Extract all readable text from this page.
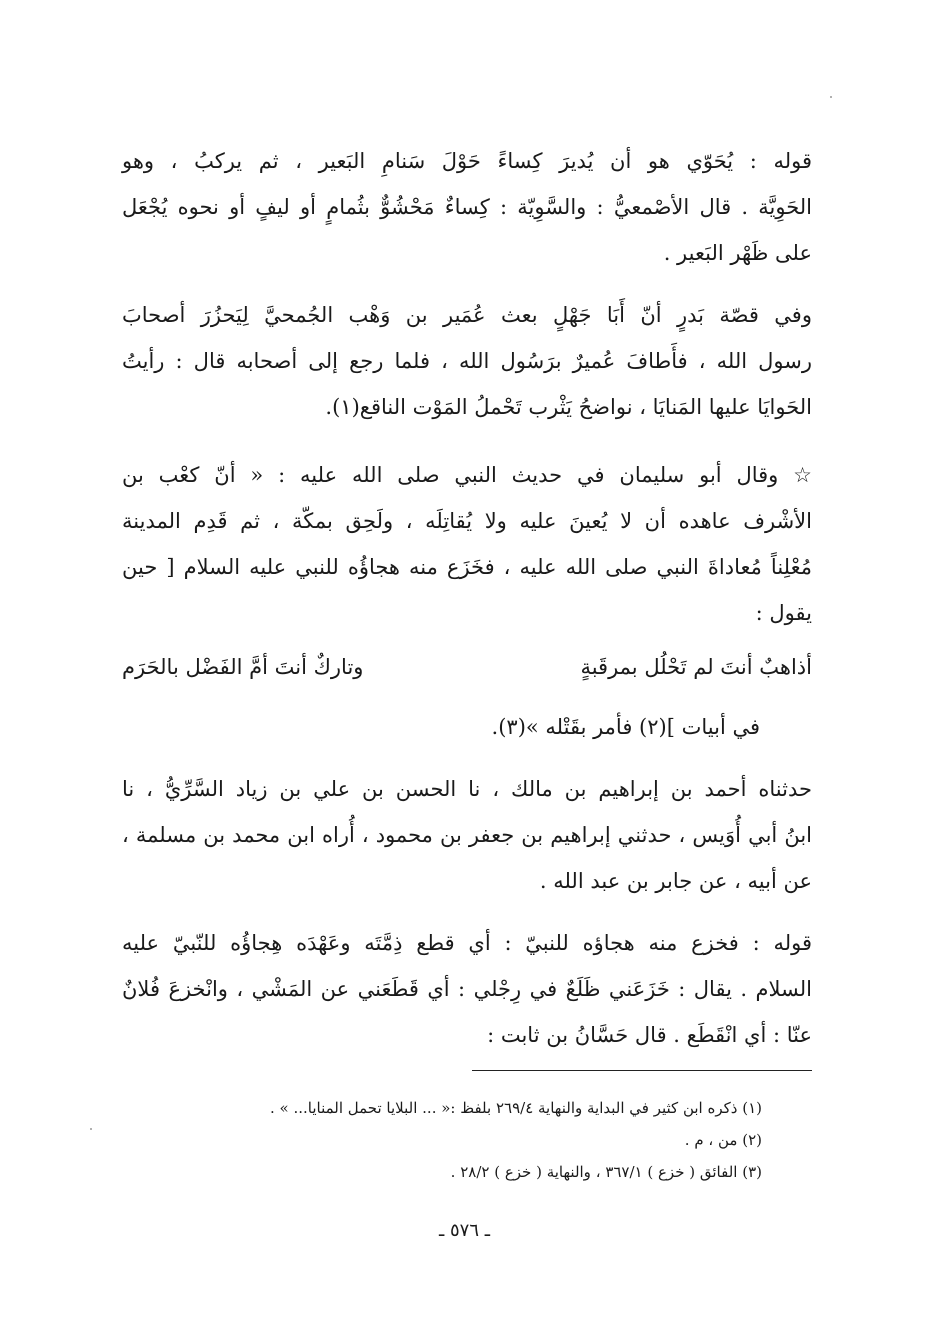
قوله : يُحَوّي هو أن يُديرَ كِساءً حَوْلَ سَنامِ البَعير ، ثم يركبُ ، وهو
الحَوِيَّة . قال الأصْمعيُّ : والسَّوِيّة : كِساءٌ مَحْشُوٌّ بثُمامٍ أو ليفٍ أو نحوه يُجْعَل
على ظَهْر البَعير .
وفي قصّة بَدرٍ أنّ أَبَا جَهْلٍ بعث عُمَير بن وَهْب الجُمحيَّ لِيَحزُرَ أصحابَ
رسول الله ، فأَطافَ عُميرٌ برَسُول الله ، فلما رجع إلى أصحابه قال : رأيتُ
الحَوايَا عليها المَنايَا ، نواضحُ يَثْرب تَحْملُ المَوْت الناقع(١).
☆ وقال أبو سليمان في حديث النبي صلى الله عليه : « أنّ كعْب بن
الأشْرف عاهده أن لا يُعينَ عليه ولا يُقاتِلَه ، ولَحِق بمكّة ، ثم قَدِم المدينة
مُعْلِناً مُعاداةَ النبي صلى الله عليه ، فخَزَع منه هجاؤُه للنبي عليه السلام [ حين
يقول :
أذاهبٌ أنتَ لم تَحْلُل بمرقَبةٍ
وتاركٌ أنتَ أمَّ الفَضْل بالحَرَم
في أبيات ](٢) فأمر بقَتْله »(٣).
حدثناه أحمد بن إبراهيم بن مالك ، نا الحسن بن علي بن زياد السَّرِّيُّ ، نا
ابنُ أبي أُوَيس ، حدثني إبراهيم بن جعفر بن محمود ، أُراه ابن محمد بن مسلمة ،
عن أبيه ، عن جابر بن عبد الله .
قوله : فخزع منه هجاؤه للنبيّ : أي قطع ذِمَّتَه وعَهْدَه هِجاؤُه للنّبيّ عليه
السلام . يقال : خَزَعَني ظَلَعٌ في رِجْلي : أي قَطَعَني عن المَشْي ، وانْخزعَ فُلانٌ
عنّا : أي انْقَطَع . قال حَسَّانُ بن ثابت :
(١) ذكره ابن كثير في البداية والنهاية ٢٦٩/٤ بلفظ :« ... البلايا تحمل المنايا... » .
(٢) من ، م .
(٣) الفائق ( خزع ) ٣٦٧/١ ، والنهاية ( خزع ) ٢٨/٢ .
ـ ٥٧٦ ـ
